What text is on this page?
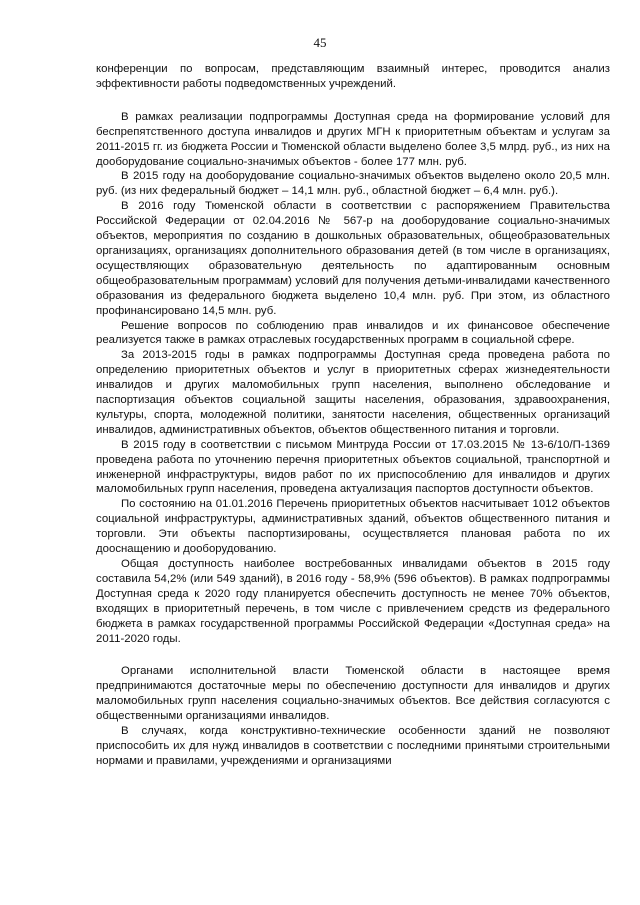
45

конференции по вопросам, представляющим взаимный интерес, проводится анализ эффективности работы подведомственных учреждений.

В рамках реализации подпрограммы Доступная среда на формирование условий для беспрепятственного доступа инвалидов и других МГН к приоритетным объектам и услугам за 2011-2015 гг. из бюджета России и Тюменской области выделено более 3,5 млрд. руб., из них на дооборудование социально-значимых объектов - более 177 млн. руб.

В 2015 году на дооборудование социально-значимых объектов выделено около 20,5 млн. руб. (из них федеральный бюджет – 14,1 млн. руб., областной бюджет – 6,4 млн. руб.).

В 2016 году Тюменской области в соответствии с распоряжением Правительства Российской Федерации от 02.04.2016 № 567-р на дооборудование социально-значимых объектов, мероприятия по созданию в дошкольных образовательных, общеобразовательных организациях, организациях дополнительного образования детей (в том числе в организациях, осуществляющих образовательную деятельность по адаптированным основным общеобразовательным программам) условий для получения детьми-инвалидами качественного образования из федерального бюджета выделено 10,4 млн. руб. При этом, из областного профинансировано 14,5 млн. руб.

Решение вопросов по соблюдению прав инвалидов и их финансовое обеспечение реализуется также в рамках отраслевых государственных программ в социальной сфере.

За 2013-2015 годы в рамках подпрограммы Доступная среда проведена работа по определению приоритетных объектов и услуг в приоритетных сферах жизнедеятельности инвалидов и других маломобильных групп населения, выполнено обследование и паспортизация объектов социальной защиты населения, образования, здравоохранения, культуры, спорта, молодежной политики, занятости населения, общественных организаций инвалидов, административных объектов, объектов общественного питания и торговли.

В 2015 году в соответствии с письмом Минтруда России от 17.03.2015 № 13-6/10/П-1369 проведена работа по уточнению перечня приоритетных объектов социальной, транспортной и инженерной инфраструктуры, видов работ по их приспособлению для инвалидов и других маломобильных групп населения, проведена актуализация паспортов доступности объектов.

По состоянию на 01.01.2016 Перечень приоритетных объектов насчитывает 1012 объектов социальной инфраструктуры, административных зданий, объектов общественного питания и торговли. Эти объекты паспортизированы, осуществляется плановая работа по их дооснащению и дооборудованию.

Общая доступность наиболее востребованных инвалидами объектов в 2015 году составила 54,2% (или 549 зданий), в 2016 году - 58,9% (596 объектов). В рамках подпрограммы Доступная среда к 2020 году планируется обеспечить доступность не менее 70% объектов, входящих в приоритетный перечень, в том числе с привлечением средств из федерального бюджета в рамках государственной программы Российской Федерации «Доступная среда» на 2011-2020 годы.

Органами исполнительной власти Тюменской области в настоящее время предпринимаются достаточные меры по обеспечению доступности для инвалидов и других маломобильных групп населения социально-значимых объектов. Все действия согласуются с общественными организациями инвалидов.

В случаях, когда конструктивно-технические особенности зданий не позволяют приспособить их для нужд инвалидов в соответствии с последними принятыми строительными нормами и правилами, учреждениями и организациями
